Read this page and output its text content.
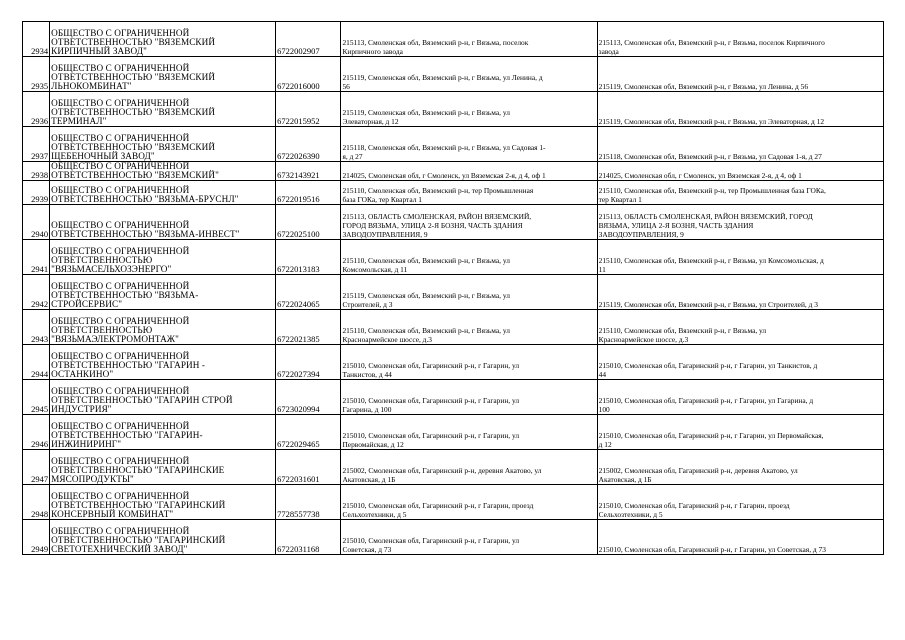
2934	ОБЩЕСТВО С ОГРАНИЧЕННОЙ
ОТВЕТСТВЕННОСТЬЮ "ВЯЗЕМСКИЙ
КИРПИЧНЫЙ ЗАВОД"	6722002907	215113, Смоленская обл, Вяземский р-н, г Вязьма, поселок
Кирпичного завода	215113, Смоленская обл, Вяземский р-н, г Вязьма, поселок Кирпичного
завода

2935	ОБЩЕСТВО С ОГРАНИЧЕННОЙ
ОТВЕТСТВЕННОСТЬЮ "ВЯЗЕМСКИЙ
ЛЬНОКОМБИНАТ"	6722016000	215119, Смоленская обл, Вяземский р-н, г Вязьма, ул Ленина, д
56	215119, Смоленская обл, Вяземский р-н, г Вязьма, ул Ленина, д 56

2936	ОБЩЕСТВО С ОГРАНИЧЕННОЙ
ОТВЕТСТВЕННОСТЬЮ "ВЯЗЕМСКИЙ
ТЕРМИНАЛ"	6722015952	215119, Смоленская обл, Вяземский р-н, г Вязьма, ул
Элеваторная, д 12	215119, Смоленская обл, Вяземский р-н, г Вязьма, ул Элеваторная, д 12

2937	ОБЩЕСТВО С ОГРАНИЧЕННОЙ
ОТВЕТСТВЕННОСТЬЮ "ВЯЗЕМСКИЙ
ЩЕБЕНОЧНЫЙ ЗАВОД"	6722026390	215118, Смоленская обл, Вяземский р-н, г Вязьма, ул Садовая 1-
я, д 27	215118, Смоленская обл, Вяземский р-н, г Вязьма, ул Садовая 1-я, д 27

2938	ОБЩЕСТВО С ОГРАНИЧЕННОЙ
ОТВЕТСТВЕННОСТЬЮ "ВЯЗЕМСКИЙ"	6732143921	214025, Смоленская обл, г Смоленск, ул Вяземская 2-я, д 4, оф 1	214025, Смоленская обл, г Смоленск, ул Вяземская 2-я, д 4, оф 1

2939	ОБЩЕСТВО С ОГРАНИЧЕННОЙ
ОТВЕТСТВЕННОСТЬЮ "ВЯЗЬМА-БРУСНЛ"	6722019516	215110, Смоленская обл, Вяземский р-н, тер Промышленная
база ГОКа, тер Квартал 1	215110, Смоленская обл, Вяземский р-н, тер Промышленная база ГОКа,
тер Квартал 1

2940	ОБЩЕСТВО С ОГРАНИЧЕННОЙ
ОТВЕТСТВЕННОСТЬЮ "ВЯЗЬМА-ИНВЕСТ"	6722025100	215113, ОБЛАСТЬ СМОЛЕНСКАЯ, РАЙОН ВЯЗЕМСКИЙ,
ГОРОД ВЯЗЬМА, УЛИЦА 2-Я БОЗНЯ, ЧАСТЬ ЗДАНИЯ
ЗАВОДОУПРАВЛЕНИЯ, 9	215113, ОБЛАСТЬ СМОЛЕНСКАЯ, РАЙОН ВЯЗЕМСКИЙ, ГОРОД
ВЯЗЬМА, УЛИЦА 2-Я БОЗНЯ, ЧАСТЬ ЗДАНИЯ
ЗАВОДОУПРАВЛЕНИЯ, 9

2941	ОБЩЕСТВО С ОГРАНИЧЕННОЙ
ОТВЕТСТВЕННОСТЬЮ
"ВЯЗЬМАСЕЛЬХОЗЭНЕРГО"	6722013183	215110, Смоленская обл, Вяземский р-н, г Вязьма, ул
Комсомольская, д 11	215110, Смоленская обл, Вяземский р-н, г Вязьма, ул Комсомольская, д
11

2942	ОБЩЕСТВО С ОГРАНИЧЕННОЙ
ОТВЕТСТВЕННОСТЬЮ "ВЯЗЬМА-
СТРОЙСЕРВИС"	6722024065	215119, Смоленская обл, Вяземский р-н, г Вязьма, ул
Строителей, д 3	215119, Смоленская обл, Вяземский р-н, г Вязьма, ул Строителей, д 3

2943	ОБЩЕСТВО С ОГРАНИЧЕННОЙ
ОТВЕТСТВЕННОСТЬЮ
"ВЯЗЬМАЭЛЕКТРОМОНТАЖ"	6722021385	215110, Смоленская обл, Вяземский р-н, г Вязьма, ул
Красноармейское шоссе, д.3	215110, Смоленская обл, Вяземский р-н, г Вязьма, ул
Красноармейское шоссе, д.3

2944	ОБЩЕСТВО С ОГРАНИЧЕННОЙ
ОТВЕТСТВЕННОСТЬЮ "ГАГАРИН -
ОСТАНКИНО"	6722027394	215010, Смоленская обл, Гагаринский р-н, г Гагарин, ул
Танкистов, д 44	215010, Смоленская обл, Гагаринский р-н, г Гагарин, ул Танкистов, д
44

2945	ОБЩЕСТВО С ОГРАНИЧЕННОЙ
ОТВЕТСТВЕННОСТЬЮ "ГАГАРИН СТРОЙ
ИНДУСТРИЯ"	6723020994	215010, Смоленская обл, Гагаринский р-н, г Гагарин, ул
Гагарина, д 100	215010, Смоленская обл, Гагаринский р-н, г Гагарин, ул Гагарина, д
100

2946	ОБЩЕСТВО С ОГРАНИЧЕННОЙ
ОТВЕТСТВЕННОСТЬЮ "ГАГАРИН-
ИНЖИНИРИНГ"	6722029465	215010, Смоленская обл, Гагаринский р-н, г Гагарин, ул
Первомайская, д 12	215010, Смоленская обл, Гагаринский р-н, г Гагарин, ул Первомайская,
д 12

2947	ОБЩЕСТВО С ОГРАНИЧЕННОЙ
ОТВЕТСТВЕННОСТЬЮ "ГАГАРИНСКИЕ
МЯСОПРОДУКТЫ"	6722031601	215002, Смоленская обл, Гагаринский р-н, деревня Акатово, ул
Акатовская, д 1Б	215002, Смоленская обл, Гагаринский р-н, деревня Акатово, ул
Акатовская, д 1Б

2948	ОБЩЕСТВО С ОГРАНИЧЕННОЙ
ОТВЕТСТВЕННОСТЬЮ "ГАГАРИНСКИЙ
КОНСЕРВНЫЙ КОМБИНАТ"	7728557738	215010, Смоленская обл, Гагаринский р-н, г Гагарин, проезд
Сельхозтехники, д 5	215010, Смоленская обл, Гагаринский р-н, г Гагарин, проезд
Сельхозтехники, д 5

2949	ОБЩЕСТВО С ОГРАНИЧЕННОЙ
ОТВЕТСТВЕННОСТЬЮ "ГАГАРИНСКИЙ
СВЕТОТЕХНИЧЕСКИЙ ЗАВОД"	6722031168	215010, Смоленская обл, Гагаринский р-н, г Гагарин, ул
Советская, д 73	215010, Смоленская обл, Гагаринский р-н, г Гагарин, ул Советская, д 73
